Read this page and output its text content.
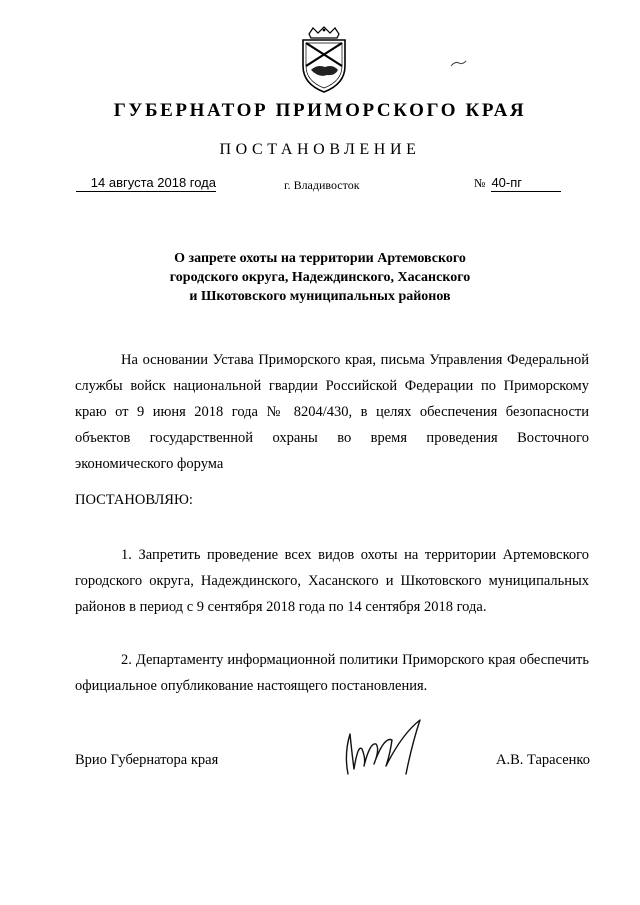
ГУБЕРНАТОР ПРИМОРСКОГО КРАЯ
ПОСТАНОВЛЕНИЕ
14 августа 2018 года	г. Владивосток	№ 40-пг
О запрете охоты на территории Артемовского
городского округа, Надеждинского, Хасанского
и Шкотовского муниципальных районов
На основании Устава Приморского края, письма Управления Федеральной службы войск национальной гвардии Российской Федерации по Приморскому краю от 9 июня 2018 года № 8204/430, в целях обеспечения безопасности объектов государственной охраны во время проведения Восточного экономического форума
ПОСТАНОВЛЯЮ:
1. Запретить проведение всех видов охоты на территории Артемовского городского округа, Надеждинского, Хасанского и Шкотовского муниципальных районов в период с 9 сентября 2018 года по 14 сентября 2018 года.
2. Департаменту информационной политики Приморского края обеспечить официальное опубликование настоящего постановления.
Врио Губернатора края	А.В. Тарасенко
